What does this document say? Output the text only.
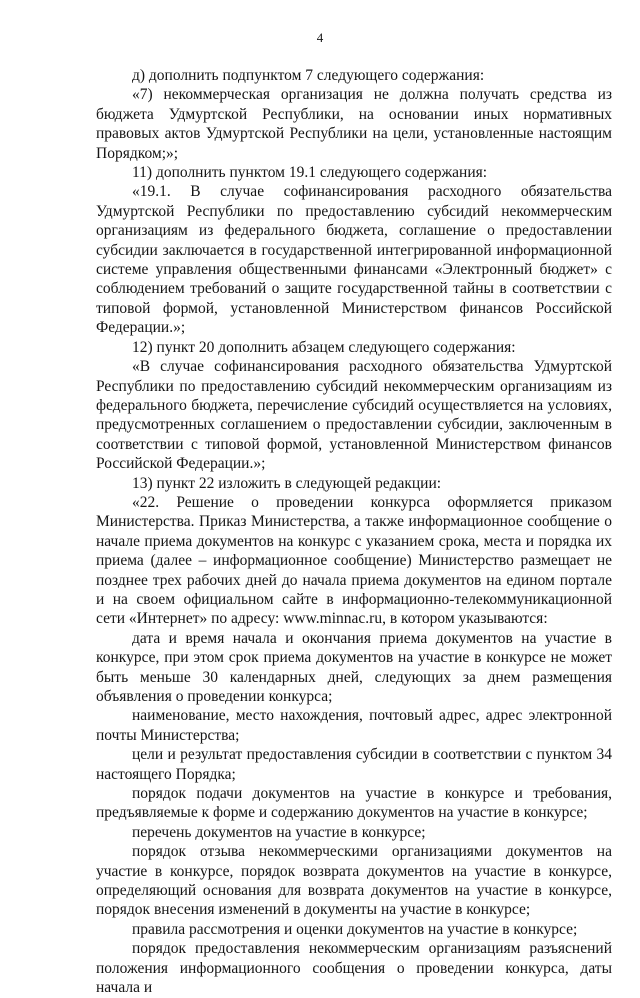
4

д) дополнить подпунктом 7 следующего содержания:

«7) некоммерческая организация не должна получать средства из бюджета Удмуртской Республики, на основании иных нормативных правовых актов Удмуртской Республики на цели, установленные настоящим Порядком;»;

11) дополнить пунктом 19.1 следующего содержания:

«19.1. В случае софинансирования расходного обязательства Удмуртской Республики по предоставлению субсидий некоммерческим организациям из федерального бюджета, соглашение о предоставлении субсидии заключается в государственной интегрированной информационной системе управления общественными финансами «Электронный бюджет» с соблюдением требований о защите государственной тайны в соответствии с типовой формой, установленной Министерством финансов Российской Федерации.»;

12) пункт 20 дополнить абзацем следующего содержания:

«В случае софинансирования расходного обязательства Удмуртской Республики по предоставлению субсидий некоммерческим организациям из федерального бюджета, перечисление субсидий осуществляется на условиях, предусмотренных соглашением о предоставлении субсидии, заключенным в соответствии с типовой формой, установленной Министерством финансов Российской Федерации.»;

13) пункт 22 изложить в следующей редакции:

«22. Решение о проведении конкурса оформляется приказом Министерства. Приказ Министерства, а также информационное сообщение о начале приема документов на конкурс с указанием срока, места и порядка их приема (далее – информационное сообщение) Министерство размещает не позднее трех рабочих дней до начала приема документов на едином портале и на своем официальном сайте в информационно-телекоммуникационной сети «Интернет» по адресу: www.minnac.ru, в котором указываются:

дата и время начала и окончания приема документов на участие в конкурсе, при этом срок приема документов на участие в конкурсе не может быть меньше 30 календарных дней, следующих за днем размещения объявления о проведении конкурса;

наименование, место нахождения, почтовый адрес, адрес электронной почты Министерства;

цели и результат предоставления субсидии в соответствии с пунктом 34 настоящего Порядка;

порядок подачи документов на участие в конкурсе и требования, предъявляемые к форме и содержанию документов на участие в конкурсе;

перечень документов на участие в конкурсе;

порядок отзыва некоммерческими организациями документов на участие в конкурсе, порядок возврата документов на участие в конкурсе, определяющий основания для возврата документов на участие в конкурсе, порядок внесения изменений в документы на участие в конкурсе;

правила рассмотрения и оценки документов на участие в конкурсе;

порядок предоставления некоммерческим организациям разъяснений положения информационного сообщения о проведении конкурса, даты начала и
